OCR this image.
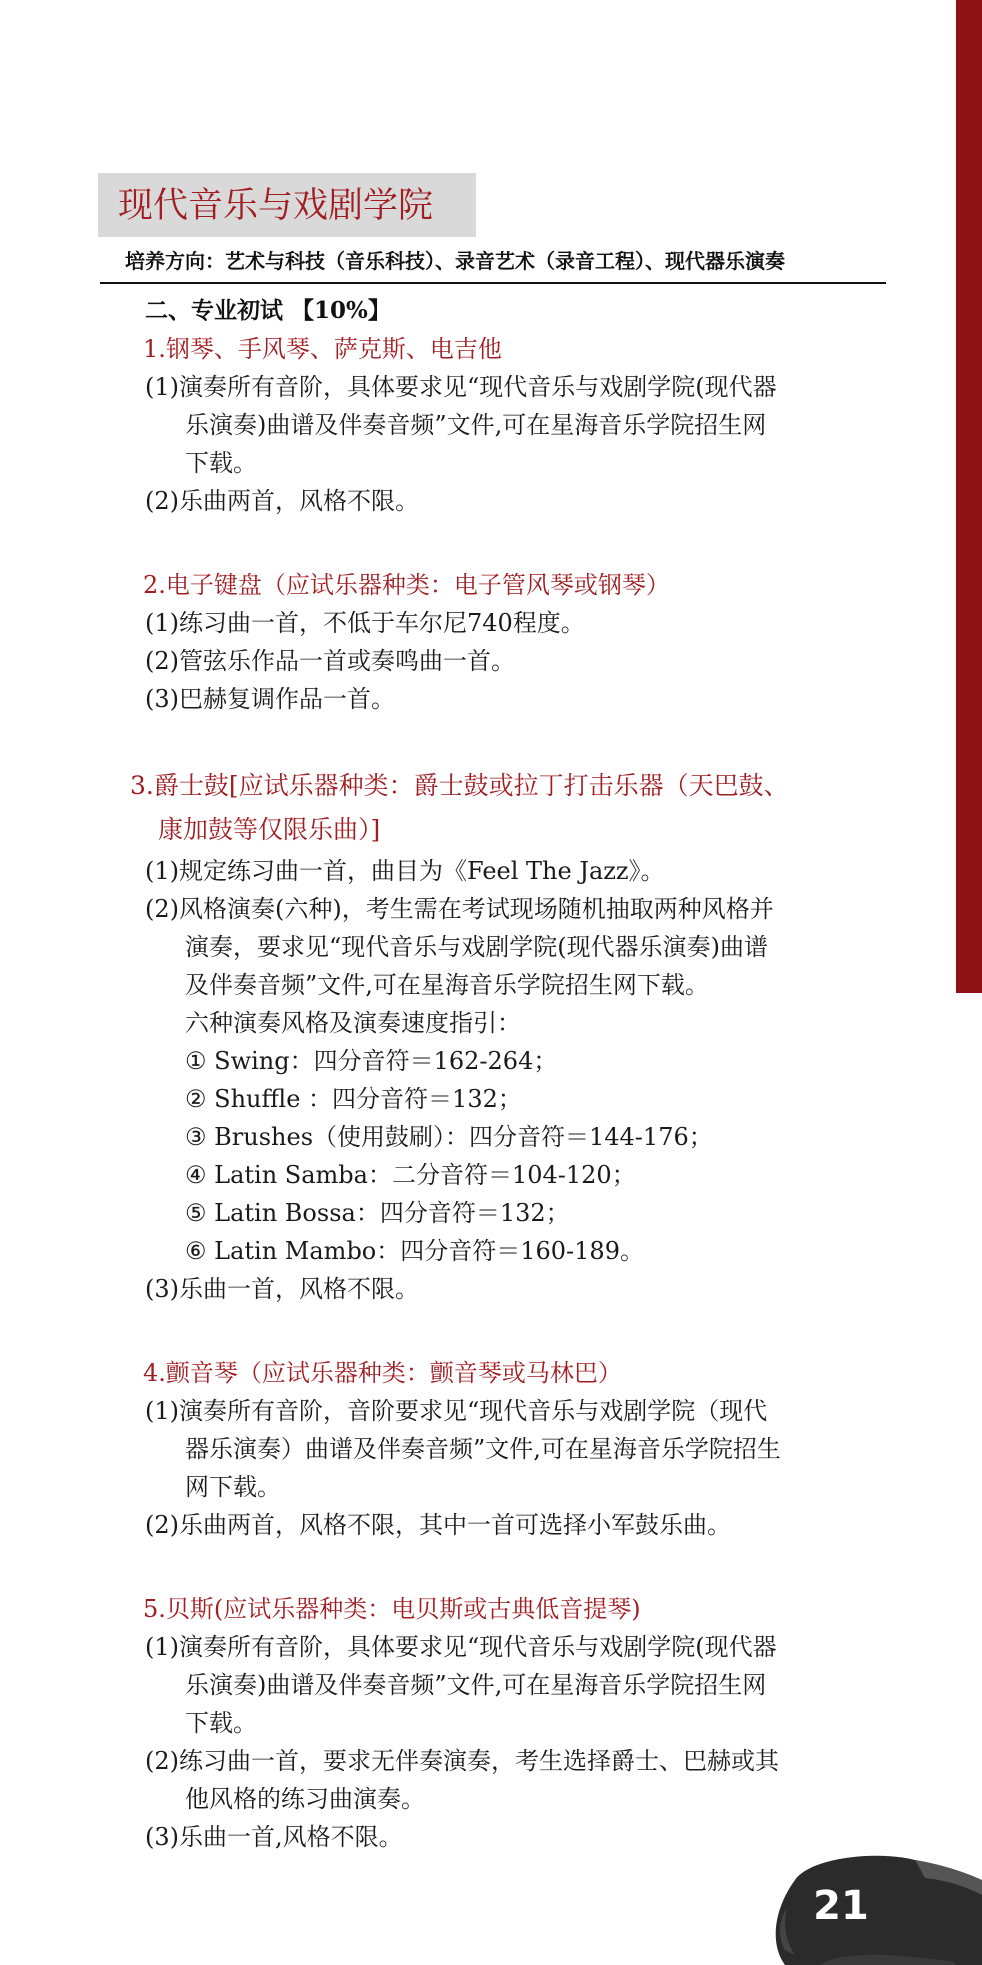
现代音乐与戏剧学院
培养方向：艺术与科技（音乐科技）、录音艺术（录音工程）、现代器乐演奏
二、专业初试 【10%】
1.钢琴、手风琴、萨克斯、电吉他
(1)演奏所有音阶，具体要求见“现代音乐与戏剧学院(现代器
乐演奏)曲谱及伴奏音频”文件,可在星海音乐学院招生网
下载。
(2)乐曲两首，风格不限。
2.电子键盘（应试乐器种类：电子管风琴或钢琴）
(1)练习曲一首，不低于车尔尼740程度。
(2)管弦乐作品一首或奏鸣曲一首。
(3)巴赫复调作品一首。
3.爵士鼓[应试乐器种类：爵士鼓或拉丁打击乐器（天巴鼓、
康加鼓等仅限乐曲）]
(1)规定练习曲一首，曲目为《Feel The Jazz》。
(2)风格演奏(六种)，考生需在考试现场随机抽取两种风格并
演奏，要求见“现代音乐与戏剧学院(现代器乐演奏)曲谱
及伴奏音频”文件,可在星海音乐学院招生网下载。
六种演奏风格及演奏速度指引：
① Swing：四分音符＝162-264；
② Shuffle ：四分音符＝132；
③ Brushes（使用鼓刷）：四分音符＝144-176；
④ Latin Samba：二分音符＝104-120；
⑤ Latin Bossa：四分音符＝132；
⑥ Latin Mambo：四分音符＝160-189。
(3)乐曲一首，风格不限。
4.颤音琴（应试乐器种类：颤音琴或马林巴）
(1)演奏所有音阶，音阶要求见“现代音乐与戏剧学院（现代
器乐演奏）曲谱及伴奏音频”文件,可在星海音乐学院招生
网下载。
(2)乐曲两首，风格不限，其中一首可选择小军鼓乐曲。
5.贝斯(应试乐器种类：电贝斯或古典低音提琴)
(1)演奏所有音阶，具体要求见“现代音乐与戏剧学院(现代器
乐演奏)曲谱及伴奏音频”文件,可在星海音乐学院招生网
下载。
(2)练习曲一首，要求无伴奏演奏，考生选择爵士、巴赫或其
他风格的练习曲演奏。
(3)乐曲一首,风格不限。
21
